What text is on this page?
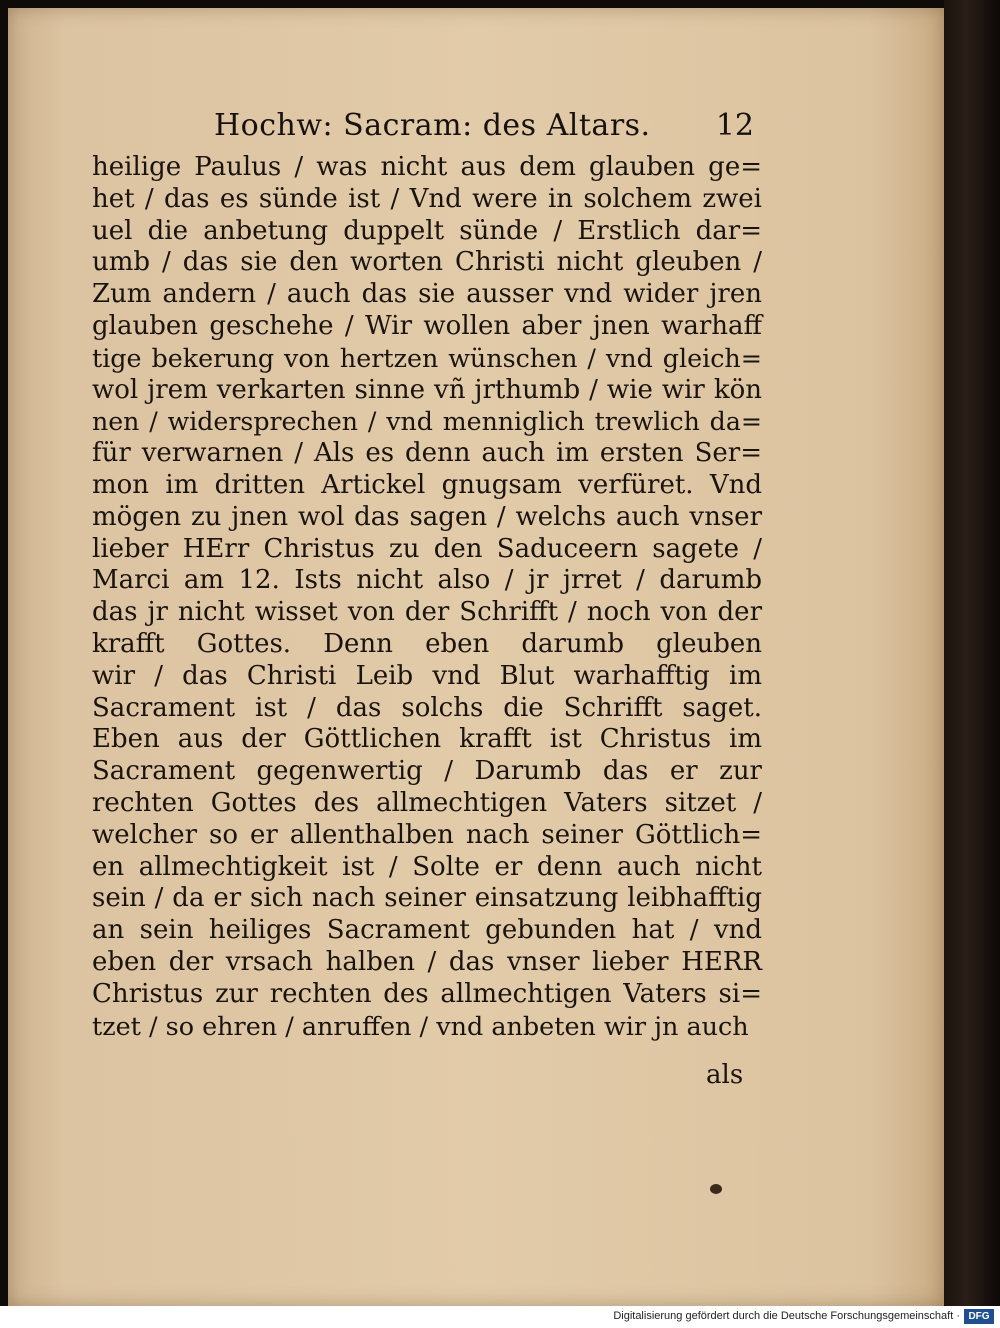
Hochw: Sacram: des Altars. 12
heilige Paulus / was nicht aus dem glauben ge=
het / das es sünde ist / Vnd were in solchem zwei
uel die anbetung duppelt sünde / Erstlich dar=
umb / das sie den worten Christi nicht gleuben /
Zum andern / auch das sie ausser vnd wider jren
glauben geschehe / Wir wollen aber jnen warhaff
tige bekerung von hertzen wünschen / vnd gleich=
wol jrem verkarten sinne vñ jrthumb / wie wir kön
nen / widersprechen / vnd menniglich trewlich da=
für verwarnen / Als es denn auch im ersten Ser=
mon im dritten Artickel gnugsam verfüret. Vnd
mögen zu jnen wol das sagen / welchs auch vnser
lieber HErr Christus zu den Saduceern sagete /
Marci am 12. Ists nicht also / jr jrret / darumb
das jr nicht wisset von der Schrifft / noch von der
krafft Gottes. Denn eben darumb gleuben
wir / das Christi Leib vnd Blut warhafftig im
Sacrament ist / das solchs die Schrifft saget.
Eben aus der Göttlichen krafft ist Christus im
Sacrament gegenwertig / Darumb das er zur
rechten Gottes des allmechtigen Vaters sitzet /
welcher so er allenthalben nach seiner Göttlich=
en allmechtigkeit ist / Solte er denn auch nicht
sein / da er sich nach seiner einsatzung leibhafftig
an sein heiliges Sacrament gebunden hat / vnd
eben der vrsach halben / das vnser lieber HERR
Christus zur rechten des allmechtigen Vaters si=
tzet / so ehren / anruffen / vnd anbeten wir jn auch
als
Digitalisierung gefördert durch die Deutsche Forschungsgemeinschaft · DFG
